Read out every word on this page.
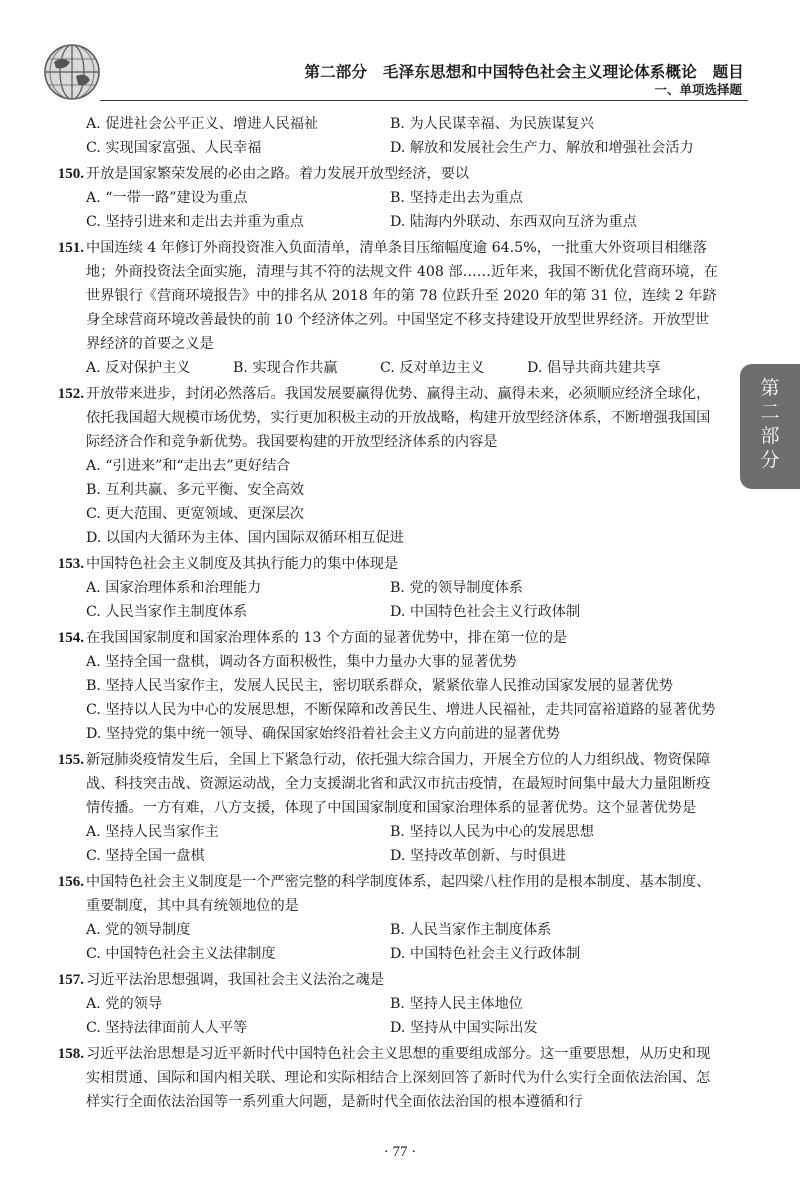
第二部分　毛泽东思想和中国特色社会主义理论体系概论　题目
一、单项选择题
A. 促进社会公平正义、增进人民福祉	B. 为人民谋幸福、为民族谋复兴
C. 实现国家富强、人民幸福	D. 解放和发展社会生产力、解放和增强社会活力
150. 开放是国家繁荣发展的必由之路。着力发展开放型经济，要以
A. “一带一路”建设为重点	B. 坚持走出去为重点
C. 坚持引进来和走出去并重为重点	D. 陆海内外联动、东西双向互济为重点
151. 中国连续 4 年修订外商投资准入负面清单，清单条目压缩幅度逾 64.5%，一批重大外资项目相继落地；外商投资法全面实施，清理与其不符的法规文件 408 部……近年来，我国不断优化营商环境，在世界银行《营商环境报告》中的排名从 2018 年的第 78 位跃升至 2020 年的第 31 位，连续 2 年跻身全球营商环境改善最快的前 10 个经济体之列。中国坚定不移支持建设开放型世界经济。开放型世界经济的首要之义是
A. 反对保护主义	B. 实现合作共赢	C. 反对单边主义	D. 倡导共商共建共享
152. 开放带来进步，封闭必然落后。我国发展要赢得优势、赢得主动、赢得未来，必须顺应经济全球化，依托我国超大规模市场优势，实行更加积极主动的开放战略，构建开放型经济体系，不断增强我国国际经济合作和竞争新优势。我国要构建的开放型经济体系的内容是
A. “引进来”和“走出去”更好结合
B. 互利共赢、多元平衡、安全高效
C. 更大范围、更宽领域、更深层次
D. 以国内大循环为主体、国内国际双循环相互促进
153. 中国特色社会主义制度及其执行能力的集中体现是
A. 国家治理体系和治理能力	B. 党的领导制度体系
C. 人民当家作主制度体系	D. 中国特色社会主义行政体制
154. 在我国国家制度和国家治理体系的 13 个方面的显著优势中，排在第一位的是
A. 坚持全国一盘棋，调动各方面积极性，集中力量办大事的显著优势
B. 坚持人民当家作主，发展人民民主，密切联系群众，紧紧依靠人民推动国家发展的显著优势
C. 坚持以人民为中心的发展思想，不断保障和改善民生、增进人民福祉，走共同富裕道路的显著优势
D. 坚持党的集中统一领导、确保国家始终沿着社会主义方向前进的显著优势
155. 新冠肺炎疫情发生后，全国上下紧急行动，依托强大综合国力，开展全方位的人力组织战、物资保障战、科技突击战、资源运动战，全力支援湖北省和武汉市抗击疫情，在最短时间集中最大力量阻断疫情传播。一方有难，八方支援，体现了中国国家制度和国家治理体系的显著优势。这个显著优势是
A. 坚持人民当家作主	B. 坚持以人民为中心的发展思想
C. 坚持全国一盘棋	D. 坚持改革创新、与时俱进
156. 中国特色社会主义制度是一个严密完整的科学制度体系，起四梁八柱作用的是根本制度、基本制度、重要制度，其中具有统领地位的是
A. 党的领导制度	B. 人民当家作主制度体系
C. 中国特色社会主义法律制度	D. 中国特色社会主义行政体制
157. 习近平法治思想强调，我国社会主义法治之魂是
A. 党的领导	B. 坚持人民主体地位
C. 坚持法律面前人人平等	D. 坚持从中国实际出发
158. 习近平法治思想是习近平新时代中国特色社会主义思想的重要组成部分。这一重要思想，从历史和现实相贯通、国际和国内相关联、理论和实际相结合上深刻回答了新时代为什么实行全面依法治国、怎样实行全面依法治国等一系列重大问题，是新时代全面依法治国的根本遵循和行
第
二
部
分
· 77 ·
